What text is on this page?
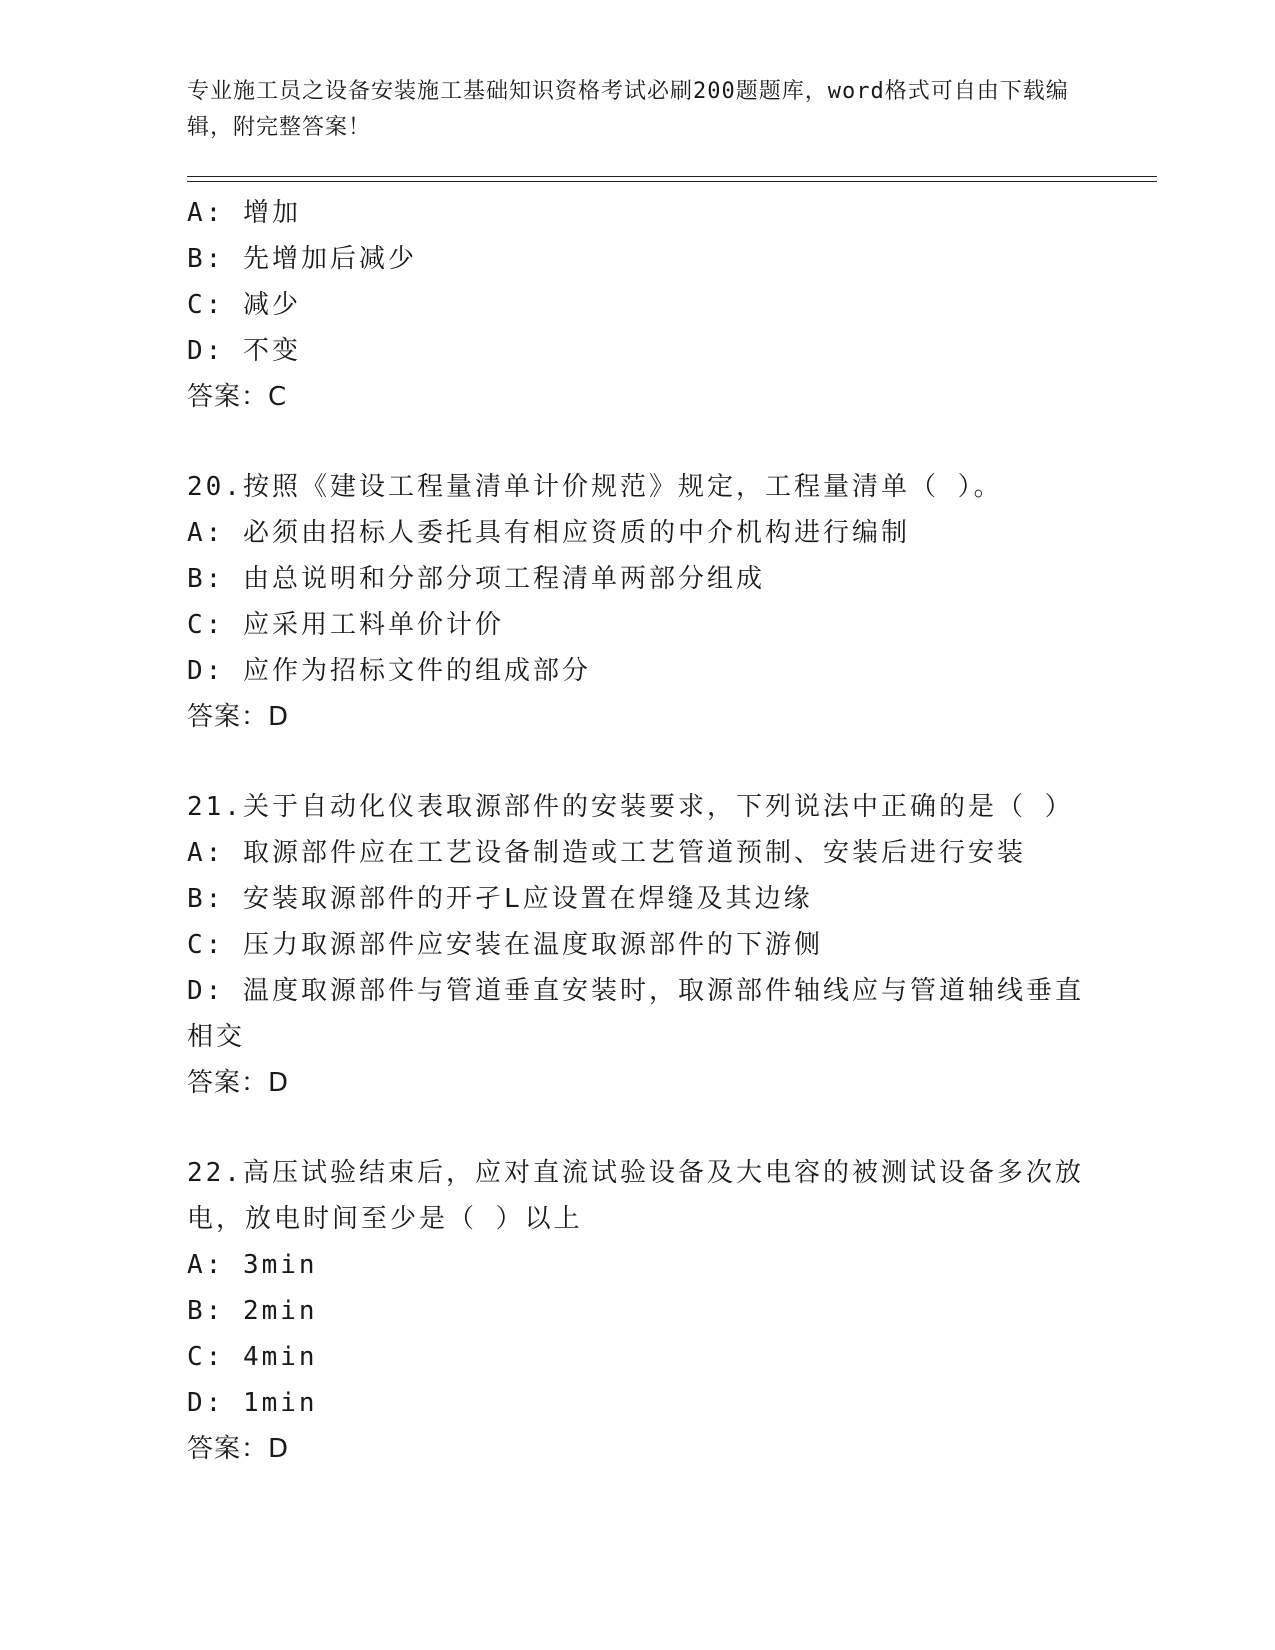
专业施工员之设备安装施工基础知识资格考试必刷200题题库，word格式可自由下载编辑，附完整答案！
A: 增加
B: 先增加后减少
C: 减少
D: 不变
答案：C
20.按照《建设工程量清单计价规范》规定，工程量清单（ ）。
A: 必须由招标人委托具有相应资质的中介机构进行编制
B: 由总说明和分部分项工程清单两部分组成
C: 应采用工料单价计价
D: 应作为招标文件的组成部分
答案：D
21.关于自动化仪表取源部件的安装要求，下列说法中正确的是（ ）
A: 取源部件应在工艺设备制造或工艺管道预制、安装后进行安装
B: 安装取源部件的开孑L应设置在焊缝及其边缘
C: 压力取源部件应安装在温度取源部件的下游侧
D: 温度取源部件与管道垂直安装时，取源部件轴线应与管道轴线垂直相交
答案：D
22.高压试验结束后，应对直流试验设备及大电容的被测试设备多次放电，放电时间至少是（ ）以上
A: 3min
B: 2min
C: 4min
D: 1min
答案：D
